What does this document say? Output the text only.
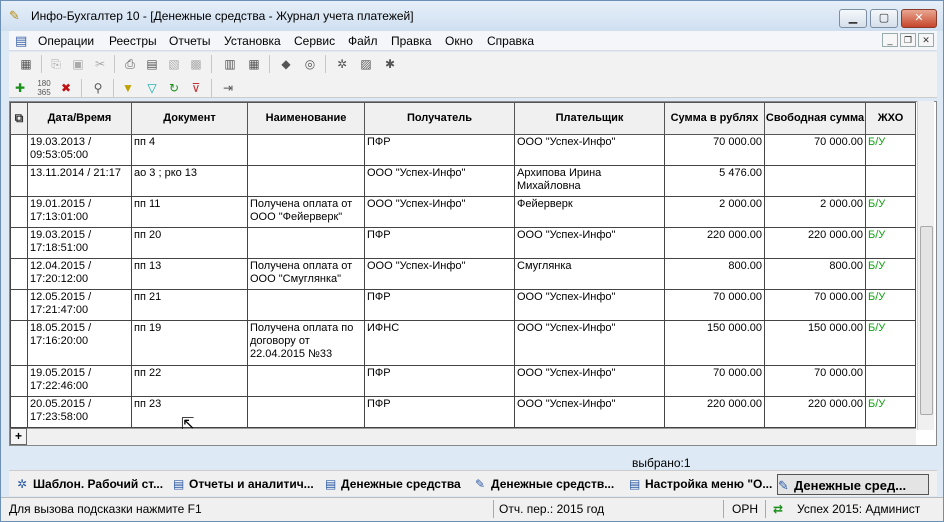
✎ Инфо-Бухгалтер 10 - [Денежные средства - Журнал учета платежей]	▁	▢	✕
▤ Операции Реестры Отчеты Установка Сервис Файл Правка Окно Справка	_	❐	✕
▦	⎘ ▣ ✂	⎙ ▤ ▧ ▩ ▥ ▦	◆	◎	✲	▨	✱
✚	180
365 ✖	⚲	▼	▽	↻	⊽	⇥
⧉	Дата/Время	Документ	Наименование	Получатель	Плательщик	Сумма в рублях	Свободная сумма	ЖХО
	19.03.2013 / 09:53:05:00	пп 4		ПФР	ООО "Успех-Инфо"	70 000.00	70 000.00	Б/У
	13.11.2014 / 21:17	ао 3 ; рко 13		ООО "Успех-Инфо"	Архипова Ирина Михайловна	5 476.00		
	19.01.2015 / 17:13:01:00	пп 11	Получена оплата от ООО "Фейерверк"	ООО "Успех-Инфо"	Фейерверк	2 000.00	2 000.00	Б/У
	19.03.2015 / 17:18:51:00	пп 20		ПФР	ООО "Успех-Инфо"	220 000.00	220 000.00	Б/У
	12.04.2015 / 17:20:12:00	пп 13	Получена оплата от ООО "Смуглянка"	ООО "Успех-Инфо"	Смуглянка	800.00	800.00	Б/У
	12.05.2015 / 17:21:47:00	пп 21		ПФР	ООО "Успех-Инфо"	70 000.00	70 000.00	Б/У
	18.05.2015 / 17:16:20:00	пп 19	Получена оплата по договору от 22.04.2015 №33	ИФНС	ООО "Успех-Инфо"	150 000.00	150 000.00	Б/У
	19.05.2015 / 17:22:46:00	пп 22		ПФР	ООО "Успех-Инфо"	70 000.00	70 000.00	
	20.05.2015 / 17:23:58:00	пп 23		ПФР	ООО "Успех-Инфо"	220 000.00	220 000.00	Б/У
+
выбрано:1
✲ Шаблон. Рабочий ст... ▤ Отчеты и аналитич... ▤ Денежные средства	✎ Денежные средств...	▤ Настройка меню "О... ✎ Денежные сред...
Для вызова подсказки нажмите F1	Отч. пер.: 2015 год	ОРН ⇄ Успех 2015: Админист
⇱
